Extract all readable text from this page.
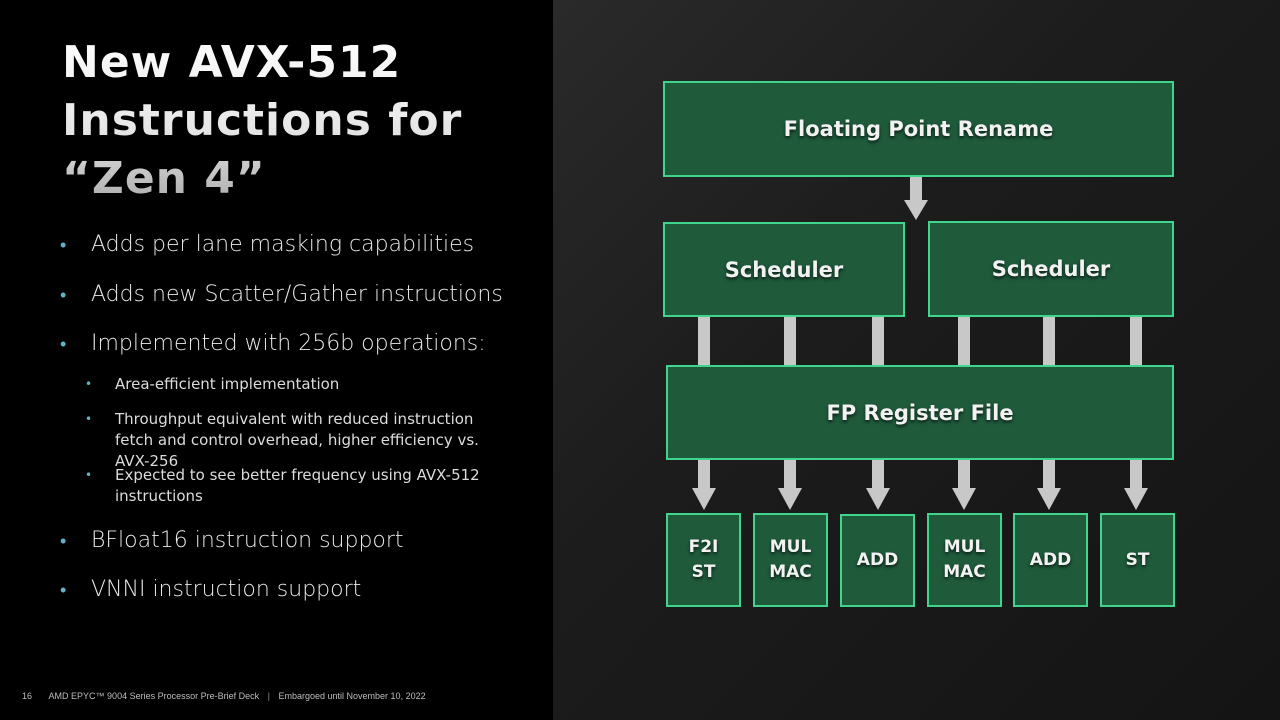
New AVX-512
Instructions for
“Zen 4”
• Adds per lane masking capabilities
• Adds new Scatter/Gather instructions
• Implemented with 256b operations:
• Area-efficient implementation
• Throughput equivalent with reduced instruction fetch and control overhead, higher efficiency vs. AVX-256
• Expected to see better frequency using AVX-512 instructions
• BFloat16 instruction support
• VNNI instruction support
16 AMD EPYC™ 9004 Series Processor Pre-Brief Deck | Embargoed until November 10, 2022
Floating Point Rename
Scheduler	Scheduler
FP Register File
F2I
ST
MUL
MAC
ADD
MUL
MAC
ADD	ST
